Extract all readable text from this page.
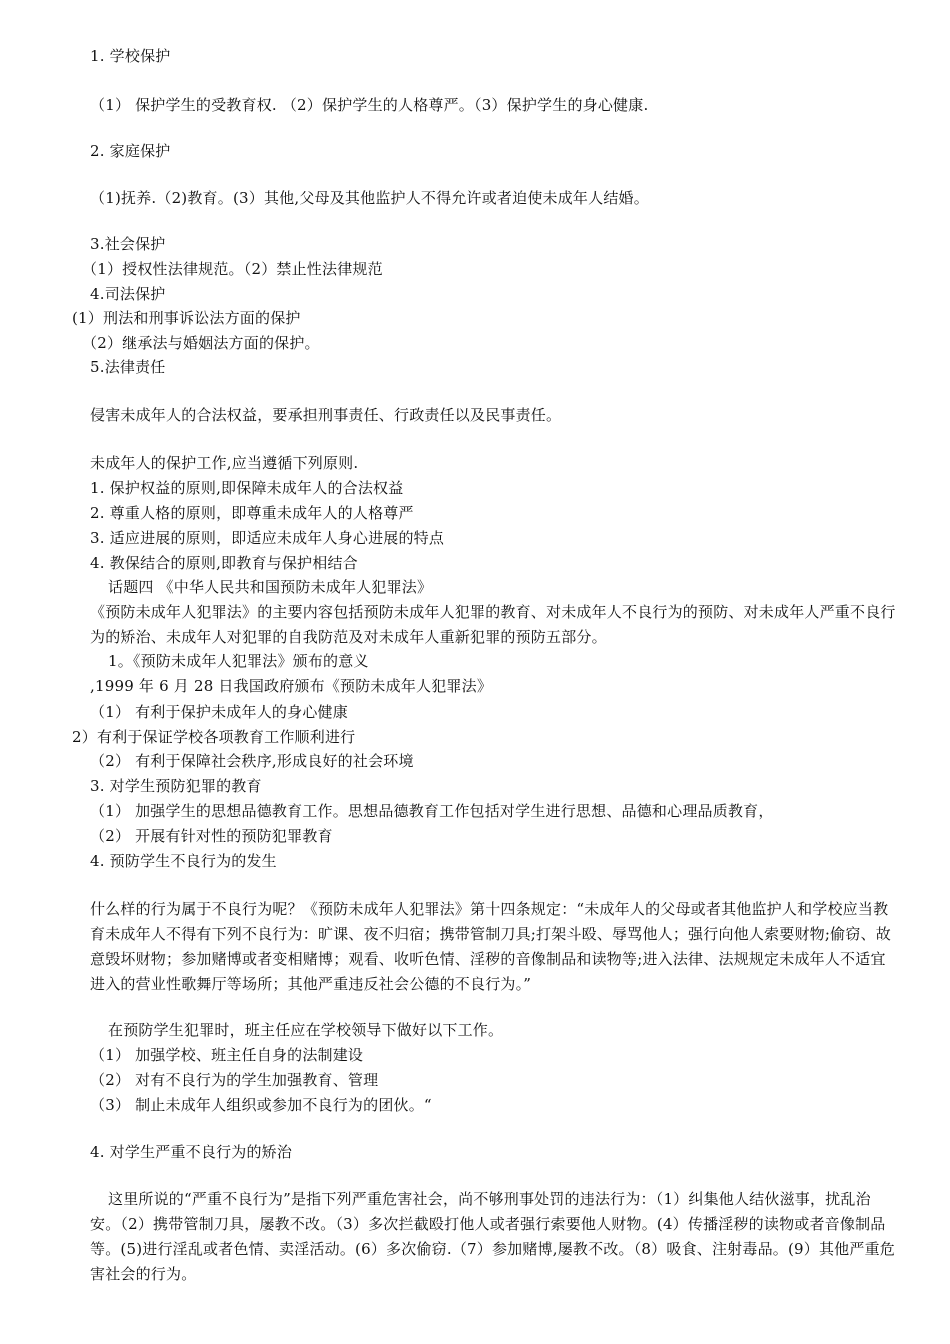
1. 学校保护
（1） 保护学生的受教育权. （2）保护学生的人格尊严。（3）保护学生的身心健康.
2. 家庭保护
（1)抚养.（2)教育。(3）其他,父母及其他监护人不得允许或者迫使未成年人结婚。
3.社会保护
（1）授权性法律规范。（2）禁止性法律规范
4.司法保护
(1）刑法和刑事诉讼法方面的保护
（2）继承法与婚姻法方面的保护。
5.法律责任
侵害未成年人的合法权益，要承担刑事责任、行政责任以及民事责任。
未成年人的保护工作,应当遵循下列原则.
1. 保护权益的原则,即保障未成年人的合法权益
2. 尊重人格的原则，即尊重未成年人的人格尊严
3. 适应进展的原则，即适应未成年人身心进展的特点
4. 教保结合的原则,即教育与保护相结合
话题四 《中华人民共和国预防未成年人犯罪法》
《预防未成年人犯罪法》的主要内容包括预防未成年人犯罪的教育、对未成年人不良行为的预防、对未成年人严重不良行为的矫治、未成年人对犯罪的自我防范及对未成年人重新犯罪的预防五部分。
1。《预防未成年人犯罪法》颁布的意义
,1999 年 6 月 28 日我国政府颁布《预防未成年人犯罪法》
（1） 有利于保护未成年人的身心健康
2）有利于保证学校各项教育工作顺利进行
（2） 有利于保障社会秩序,形成良好的社会环境
3. 对学生预防犯罪的教育
（1） 加强学生的思想品德教育工作。思想品德教育工作包括对学生进行思想、品德和心理品质教育，
（2） 开展有针对性的预防犯罪教育
4. 预防学生不良行为的发生
什么样的行为属于不良行为呢？《预防未成年人犯罪法》第十四条规定：“未成年人的父母或者其他监护人和学校应当教育未成年人不得有下列不良行为：旷课、夜不归宿；携带管制刀具;打架斗殴、辱骂他人；强行向他人索要财物;偷窃、故意毁坏财物；参加赌博或者变相赌博；观看、收听色情、淫秽的音像制品和读物等;进入法律、法规规定未成年人不适宜进入的营业性歌舞厅等场所；其他严重违反社会公德的不良行为。”
在预防学生犯罪时，班主任应在学校领导下做好以下工作。
（1） 加强学校、班主任自身的法制建设
（2） 对有不良行为的学生加强教育、管理
（3） 制止未成年人组织或参加不良行为的团伙。“
4. 对学生严重不良行为的矫治
这里所说的“严重不良行为”是指下列严重危害社会，尚不够刑事处罚的违法行为：（1）纠集他人结伙滋事，扰乱治安。（2）携带管制刀具，屡教不改。（3）多次拦截殴打他人或者强行索要他人财物。(4）传播淫秽的读物或者音像制品等。(5)进行淫乱或者色情、卖淫活动。(6）多次偷窃.（7）参加赌博,屡教不改。（8）吸食、注射毒品。(9）其他严重危害社会的行为。
